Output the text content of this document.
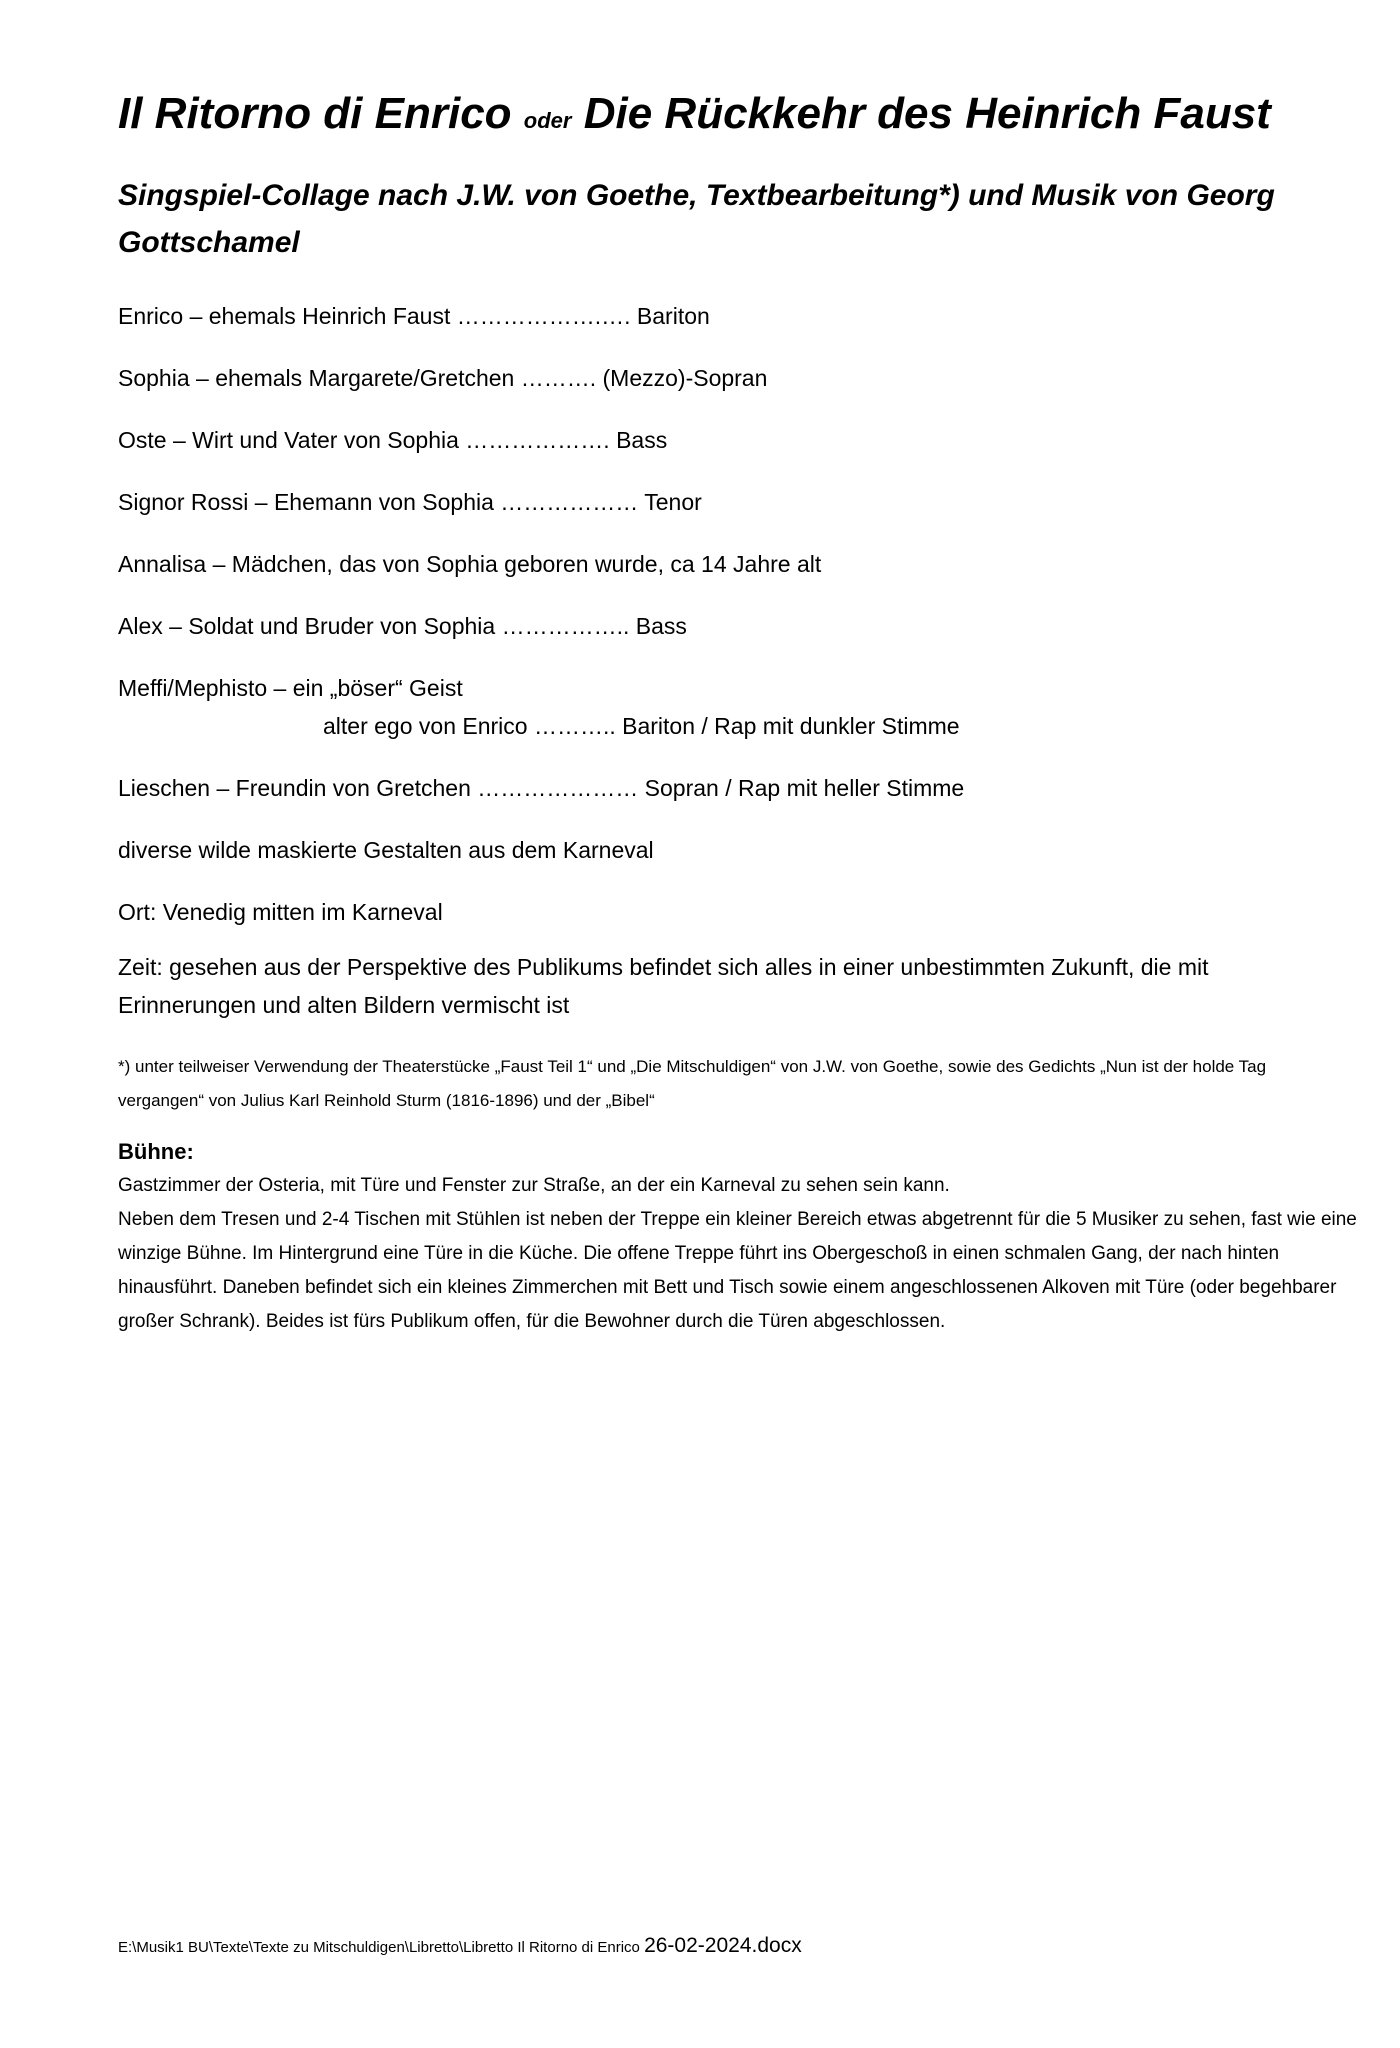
Il Ritorno di Enrico oder Die Rückkehr des Heinrich Faust
Singspiel-Collage nach J.W. von Goethe, Textbearbeitung*) und Musik von Georg Gottschamel

Enrico – ehemals Heinrich Faust ……………….…. Bariton

Sophia – ehemals Margarete/Gretchen ………. (Mezzo)-Sopran

Oste – Wirt und Vater von Sophia ………………. Bass

Signor Rossi – Ehemann von Sophia ……………… Tenor

Annalisa – Mädchen, das von Sophia geboren wurde, ca 14 Jahre alt

Alex – Soldat und Bruder von Sophia …………….. Bass

Meffi/Mephisto – ein „böser“ Geist
alter ego von Enrico ……….. Bariton / Rap mit dunkler Stimme

Lieschen – Freundin von Gretchen ………………… Sopran / Rap mit heller Stimme

diverse wilde maskierte Gestalten aus dem Karneval

Ort: Venedig mitten im Karneval

Zeit: gesehen aus der Perspektive des Publikums befindet sich alles in einer unbestimmten Zukunft, die mit Erinnerungen und alten Bildern vermischt ist

*) unter teilweiser Verwendung der Theaterstücke „Faust Teil 1“ und „Die Mitschuldigen“ von J.W. von Goethe, sowie des Gedichts „Nun ist der holde Tag vergangen“ von Julius Karl Reinhold Sturm (1816-1896) und der „Bibel“

Bühne:
Gastzimmer der Osteria, mit Türe und Fenster zur Straße, an der ein Karneval zu sehen sein kann.
Neben dem Tresen und 2-4 Tischen mit Stühlen ist neben der Treppe ein kleiner Bereich etwas abgetrennt für die 5 Musiker zu sehen, fast wie eine winzige Bühne. Im Hintergrund eine Türe in die Küche. Die offene Treppe führt ins Obergeschoß in einen schmalen Gang, der nach hinten hinausführt. Daneben befindet sich ein kleines Zimmerchen mit Bett und Tisch sowie einem angeschlossenen Alkoven mit Türe (oder begehbarer großer Schrank). Beides ist fürs Publikum offen, für die Bewohner durch die Türen abgeschlossen.

E:\Musik1 BU\Texte\Texte zu Mitschuldigen\Libretto\Libretto Il Ritorno di Enrico 26-02-2024.docx
